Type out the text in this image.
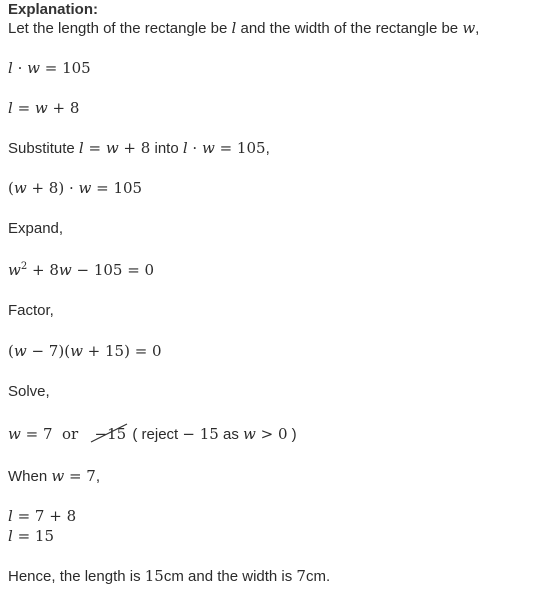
Explanation:
Let the length of the rectangle be l and the width of the rectangle be w,
l · w = 105
l = w + 8
Substitute l = w + 8 into l · w = 105,
(w + 8) · w = 105
Expand,
$w^2 + 8w - 105 = 0$
Factor,
(w − 7)(w + 15) = 0
Solve,
w = 7  or −15
( reject − 15 as w > 0 )
When w = 7,
l = 7 + 8
l = 15
Hence, the length is 15cm and the width is 7cm.
